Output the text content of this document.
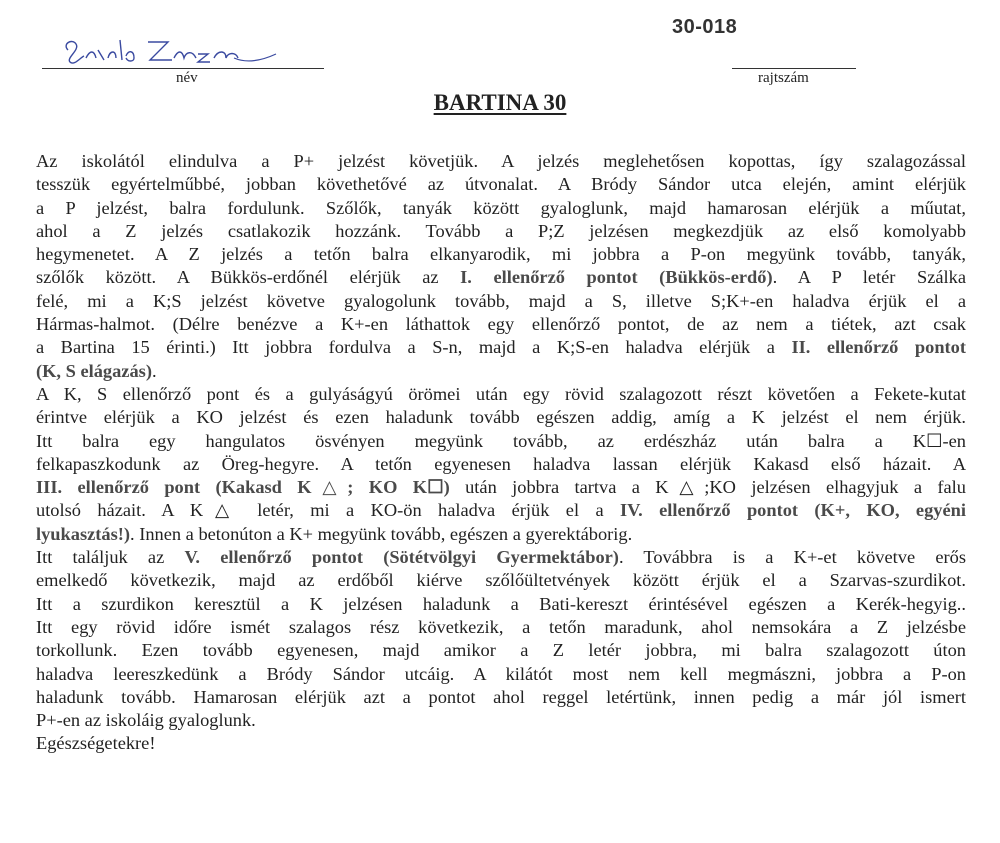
név
30-018
rajtszám
BARTINA 30
Az iskolától elindulva a P+ jelzést követjük. A jelzés meglehetősen kopottas, így szalagozással
tesszük egyértelműbbé, jobban követhetővé az útvonalat. A Bródy Sándor utca elején, amint elérjük
a P jelzést, balra fordulunk. Szőlők, tanyák között gyaloglunk, majd hamarosan elérjük a műutat,
ahol a Z jelzés csatlakozik hozzánk. Tovább a P;Z jelzésen megkezdjük az első komolyabb
hegymenetet. A Z jelzés a tetőn balra elkanyarodik, mi jobbra a P-on megyünk tovább, tanyák,
szőlők között. A Bükkös-erdőnél elérjük az I. ellenőrző pontot (Bükkös-erdő). A P letér Szálka
felé, mi a K;S jelzést követve gyalogolunk tovább, majd a S, illetve S;K+-en haladva érjük el a
Hármas-halmot. (Délre benézve a K+-en láthattok egy ellenőrző pontot, de az nem a tiétek, azt csak
a Bartina 15 érinti.) Itt jobbra fordulva a S-n, majd a K;S-en haladva elérjük a II. ellenőrző pontot
(K, S elágazás).
A K, S ellenőrző pont és a gulyáságyú örömei után egy rövid szalagozott részt követően a Fekete-kutat
érintve elérjük a KO jelzést és ezen haladunk tovább egészen addig, amíg a K jelzést el nem érjük.
Itt balra egy hangulatos ösvényen megyünk tovább, az erdészház után balra a K☐-en
felkapaszkodunk az Öreg-hegyre. A tetőn egyenesen haladva lassan elérjük Kakasd első házait. A
III. ellenőrző pont (Kakasd K△; KO K☐) után jobbra tartva a K△;KO jelzésen elhagyjuk a falu
utolsó házait. A K△ letér, mi a KO-ön haladva érjük el a IV. ellenőrző pontot (K+, KO, egyéni
lyukasztás!). Innen a betonúton a K+ megyünk tovább, egészen a gyerektáborig.
Itt találjuk az V. ellenőrző pontot (Sötétvölgyi Gyermektábor). Továbbra is a K+-et követve erős
emelkedő következik, majd az erdőből kiérve szőlőültetvények között érjük el a Szarvas-szurdikot.
Itt a szurdikon keresztül a K jelzésen haladunk a Bati-kereszt érintésével egészen a Kerék-hegyig..
Itt egy rövid időre ismét szalagos rész következik, a tetőn maradunk, ahol nemsokára a Z jelzésbe
torkollunk. Ezen tovább egyenesen, majd amikor a Z letér jobbra, mi balra szalagozott úton
haladva leereszkedünk a Bródy Sándor utcáig. A kilátót most nem kell megmászni, jobbra a P-on
haladunk tovább. Hamarosan elérjük azt a pontot ahol reggel letértünk, innen pedig a már jól ismert
P+-en az iskoláig gyaloglunk.
Egészségetekre!
